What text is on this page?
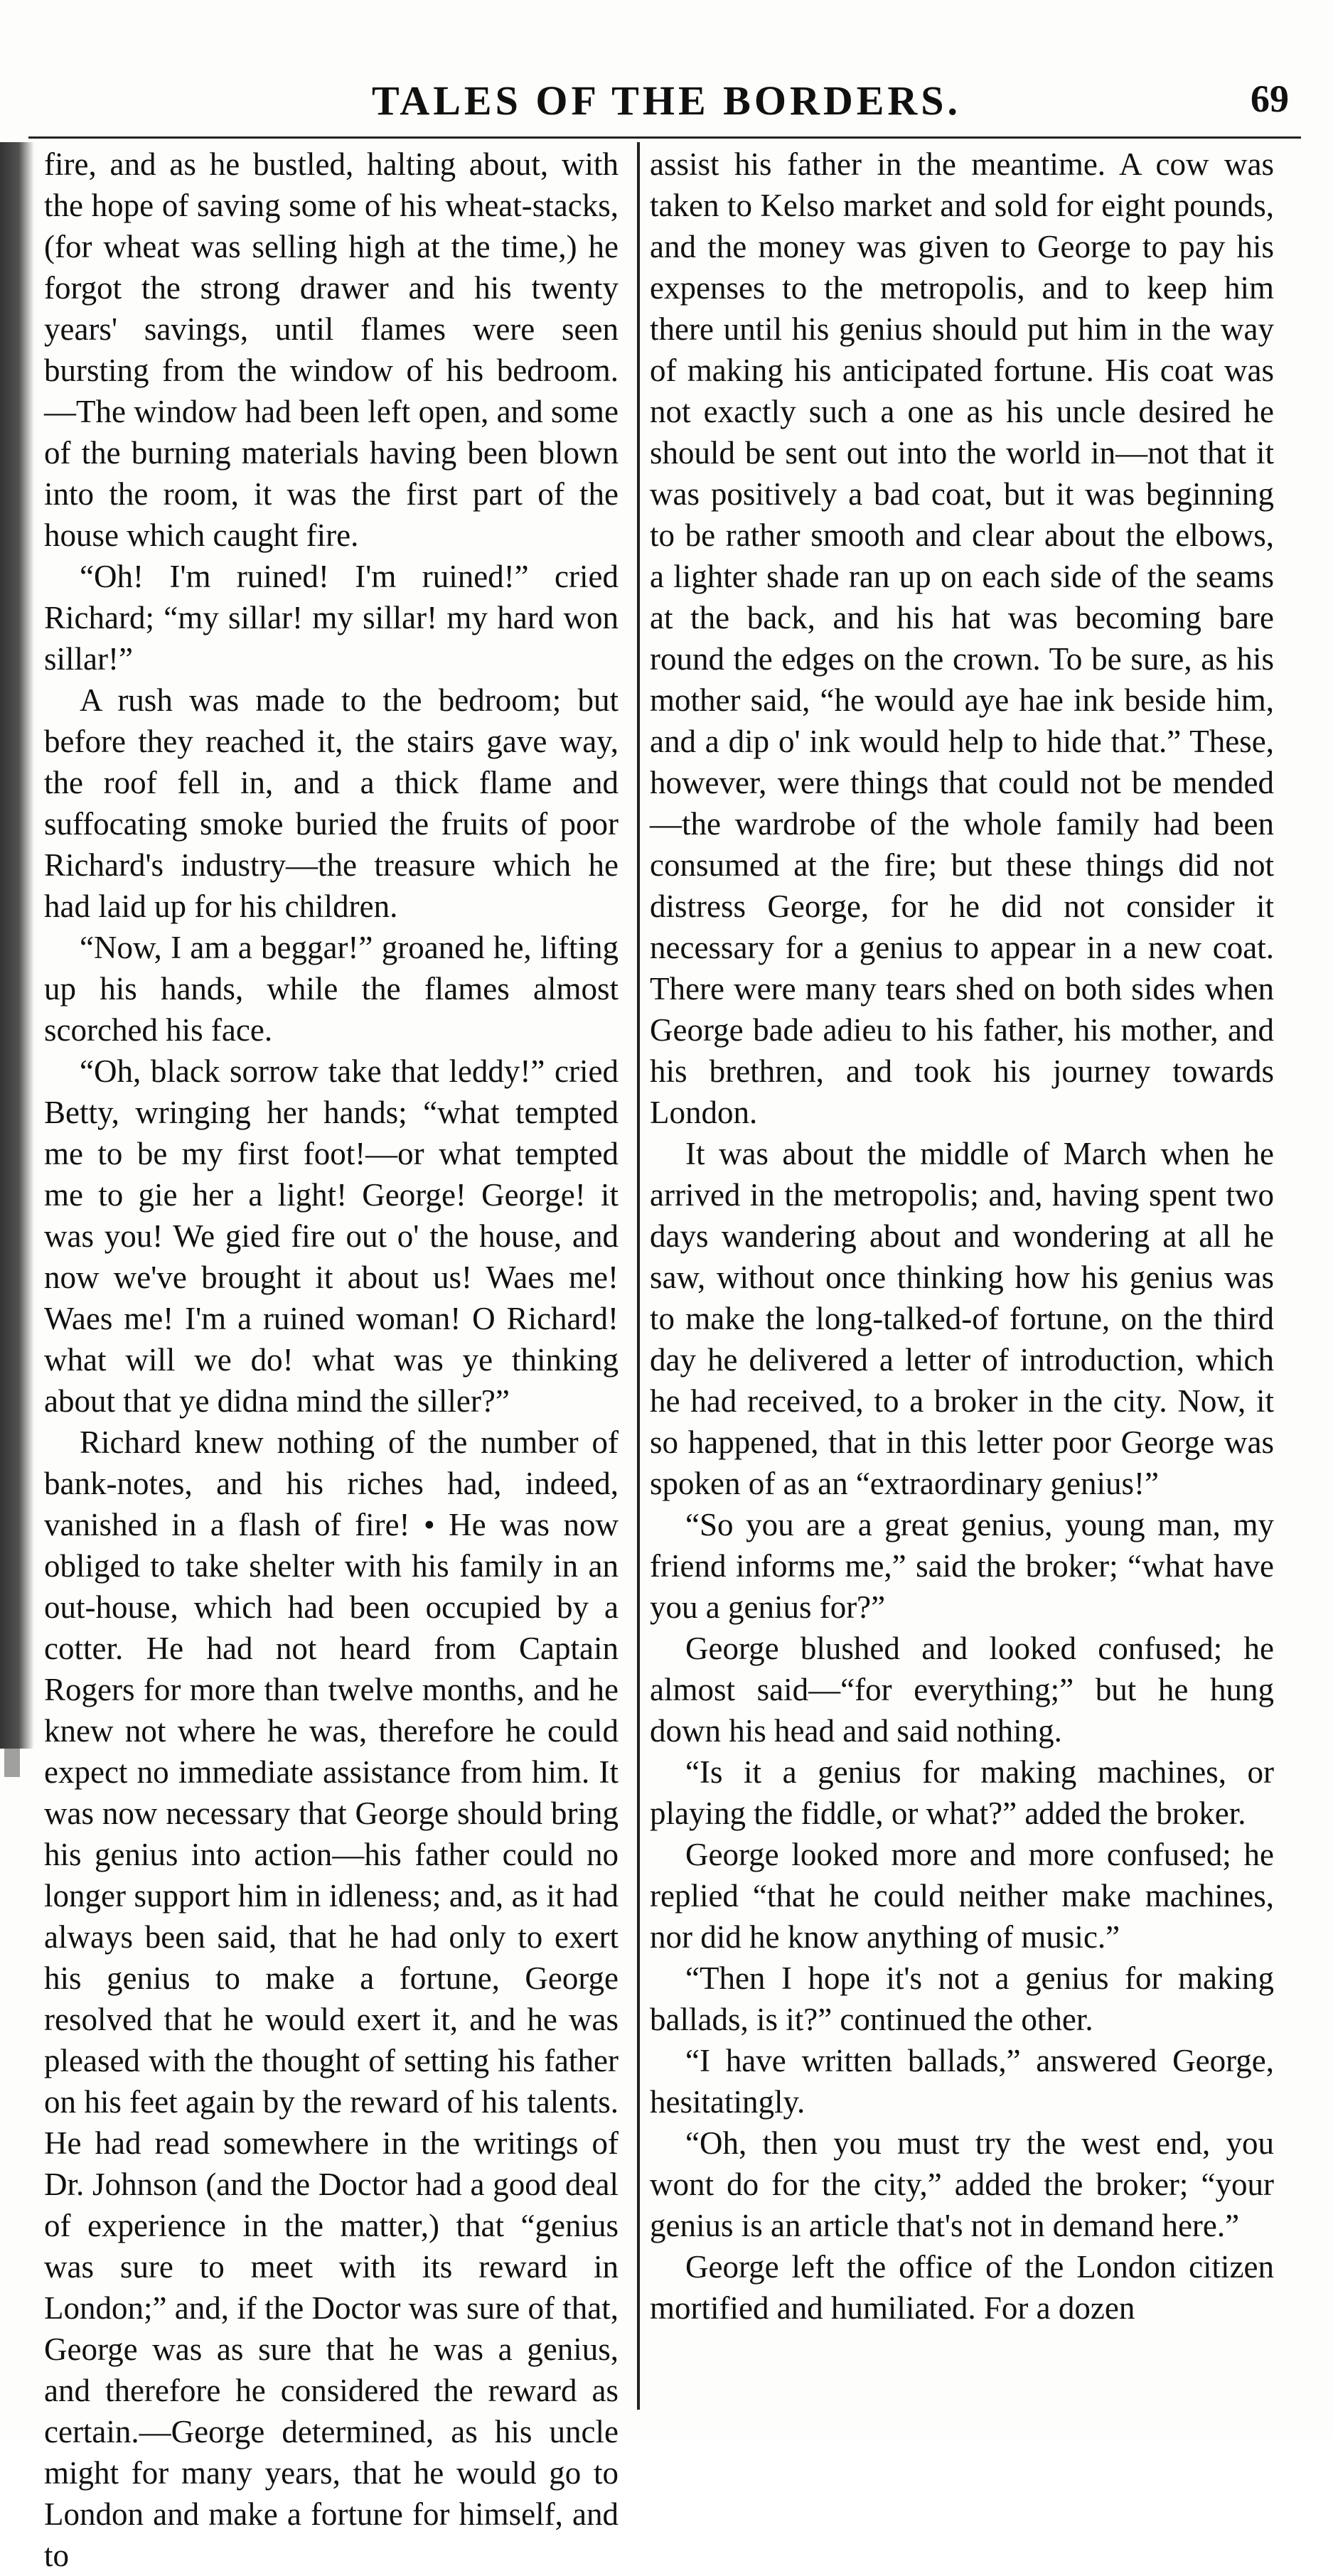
TALES OF THE BORDERS.	69

fire, and as he bustled, halting about, with the hope of saving some of his wheat-stacks, (for wheat was selling high at the time,) he forgot the strong drawer and his twenty years' savings, until flames were seen bursting from the window of his bedroom.—The window had been left open, and some of the burning materials having been blown into the room, it was the first part of the house which caught fire.

“Oh! I'm ruined! I'm ruined!” cried Richard; “my sillar! my sillar! my hard won sillar!”

A rush was made to the bedroom; but before they reached it, the stairs gave way, the roof fell in, and a thick flame and suffocating smoke buried the fruits of poor Richard's industry—the treasure which he had laid up for his children.

“Now, I am a beggar!” groaned he, lifting up his hands, while the flames almost scorched his face.

“Oh, black sorrow take that leddy!” cried Betty, wringing her hands; “what tempted me to be my first foot!—or what tempted me to gie her a light! George! George! it was you! We gied fire out o' the house, and now we've brought it about us! Waes me! Waes me! I'm a ruined woman! O Richard! what will we do! what was ye thinking about that ye didna mind the siller?”

Richard knew nothing of the number of bank-notes, and his riches had, indeed, vanished in a flash of fire! • He was now obliged to take shelter with his family in an out-house, which had been occupied by a cotter. He had not heard from Captain Rogers for more than twelve months, and he knew not where he was, therefore he could expect no immediate assistance from him. It was now necessary that George should bring his genius into action—his father could no longer support him in idleness; and, as it had always been said, that he had only to exert his genius to make a fortune, George resolved that he would exert it, and he was pleased with the thought of setting his father on his feet again by the reward of his talents. He had read somewhere in the writings of Dr. Johnson (and the Doctor had a good deal of experience in the matter,) that “genius was sure to meet with its reward in London;” and, if the Doctor was sure of that, George was as sure that he was a genius, and therefore he considered the reward as certain.—George determined, as his uncle might for many years, that he would go to London and make a fortune for himself, and to

assist his father in the meantime. A cow was taken to Kelso market and sold for eight pounds, and the money was given to George to pay his expenses to the metropolis, and to keep him there until his genius should put him in the way of making his anticipated fortune. His coat was not exactly such a one as his uncle desired he should be sent out into the world in—not that it was positively a bad coat, but it was beginning to be rather smooth and clear about the elbows, a lighter shade ran up on each side of the seams at the back, and his hat was becoming bare round the edges on the crown. To be sure, as his mother said, “he would aye hae ink beside him, and a dip o' ink would help to hide that.” These, however, were things that could not be mended—the wardrobe of the whole family had been consumed at the fire; but these things did not distress George, for he did not consider it necessary for a genius to appear in a new coat. There were many tears shed on both sides when George bade adieu to his father, his mother, and his brethren, and took his journey towards London.

It was about the middle of March when he arrived in the metropolis; and, having spent two days wandering about and wondering at all he saw, without once thinking how his genius was to make the long-talked-of fortune, on the third day he delivered a letter of introduction, which he had received, to a broker in the city. Now, it so happened, that in this letter poor George was spoken of as an “extraordinary genius!”

“So you are a great genius, young man, my friend informs me,” said the broker; “what have you a genius for?”

George blushed and looked confused; he almost said—“for everything;” but he hung down his head and said nothing.

“Is it a genius for making machines, or playing the fiddle, or what?” added the broker.

George looked more and more confused; he replied “that he could neither make machines, nor did he know anything of music.”

“Then I hope it's not a genius for making ballads, is it?” continued the other.

“I have written ballads,” answered George, hesitatingly.

“Oh, then you must try the west end, you wont do for the city,” added the broker; “your genius is an article that's not in demand here.”

George left the office of the London citizen mortified and humiliated. For a dozen
